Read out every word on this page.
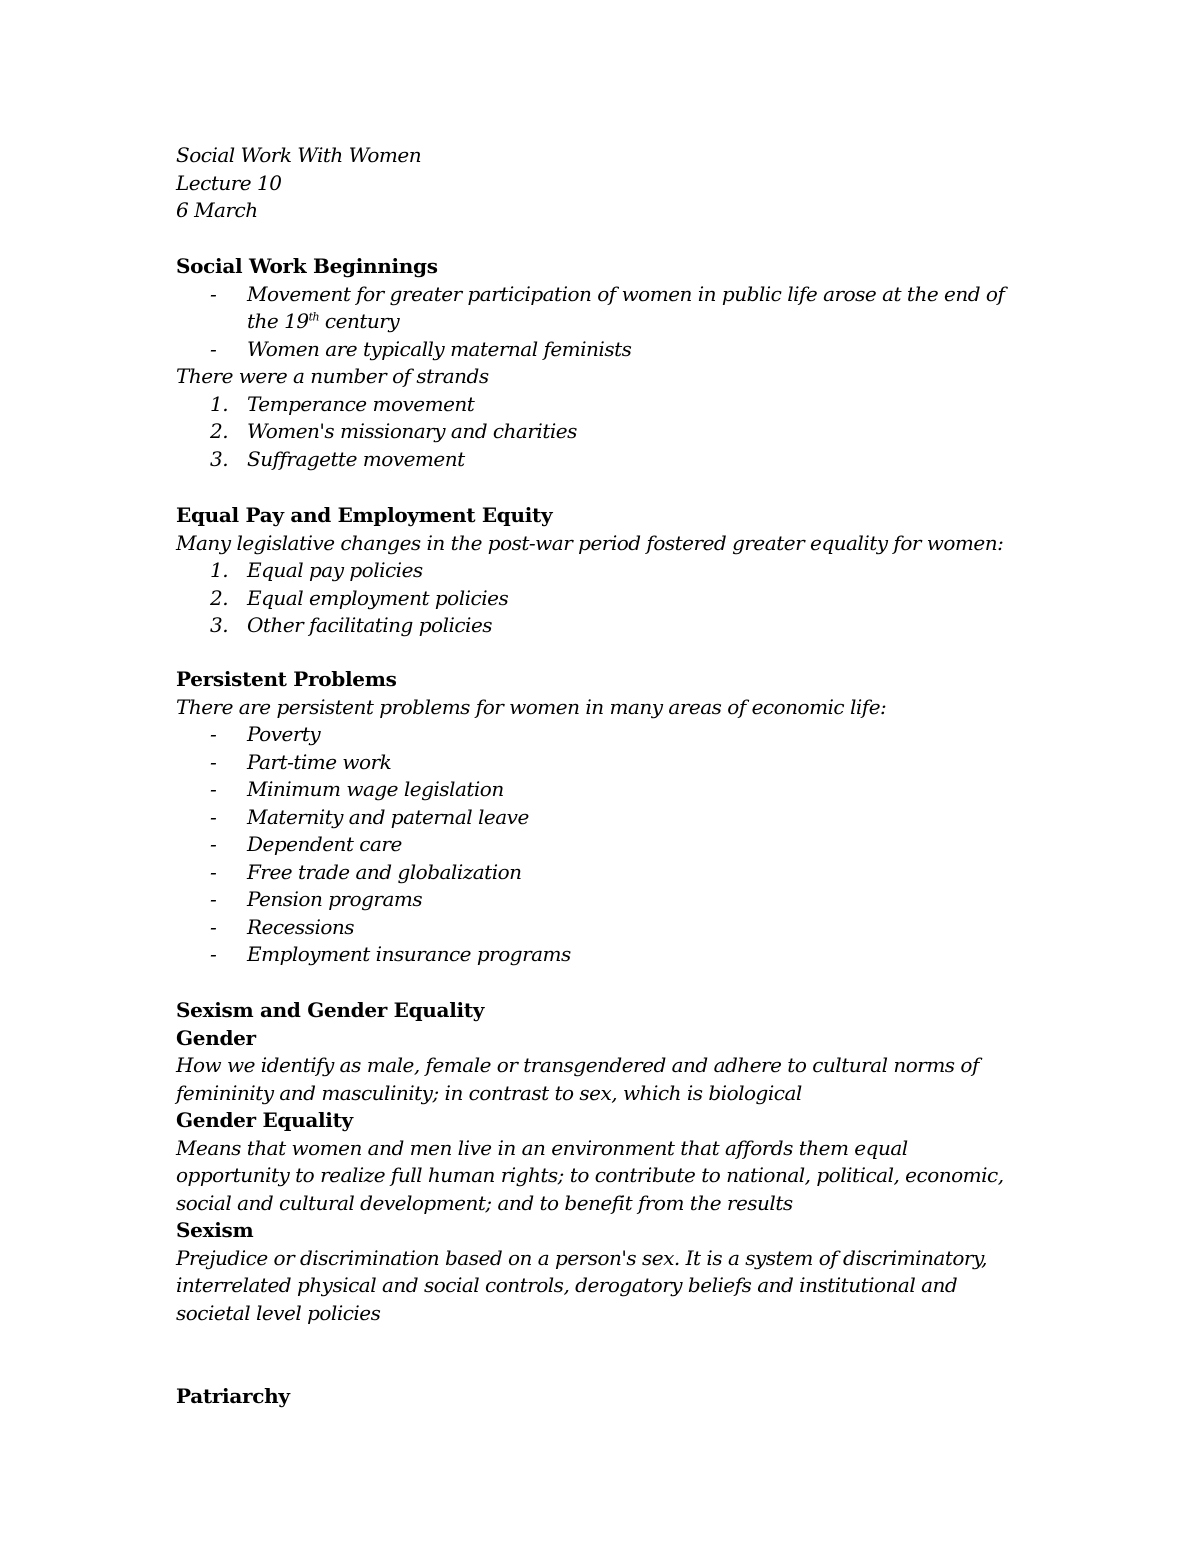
Social Work With Women
Lecture 10
6 March
Social Work Beginnings
-	Movement for greater participation of women in public life arose at the end of
the 19th century
-	Women are typically maternal feminists
There were a number of strands
1. Temperance movement
2. Women's missionary and charities
3. Suffragette movement
Equal Pay and Employment Equity
Many legislative changes in the post-war period fostered greater equality for women:
1. Equal pay policies
2. Equal employment policies
3. Other facilitating policies
Persistent Problems
There are persistent problems for women in many areas of economic life:
-	Poverty
-	Part-time work
-	Minimum wage legislation
-	Maternity and paternal leave
-	Dependent care
-	Free trade and globalization
-	Pension programs
-	Recessions
-	Employment insurance programs
Sexism and Gender Equality
Gender
How we identify as male, female or transgendered and adhere to cultural norms of
femininity and masculinity; in contrast to sex, which is biological
Gender Equality
Means that women and men live in an environment that affords them equal
opportunity to realize full human rights; to contribute to national, political, economic,
social and cultural development; and to benefit from the results
Sexism
Prejudice or discrimination based on a person's sex. It is a system of discriminatory,
interrelated physical and social controls, derogatory beliefs and institutional and
societal level policies
Patriarchy
